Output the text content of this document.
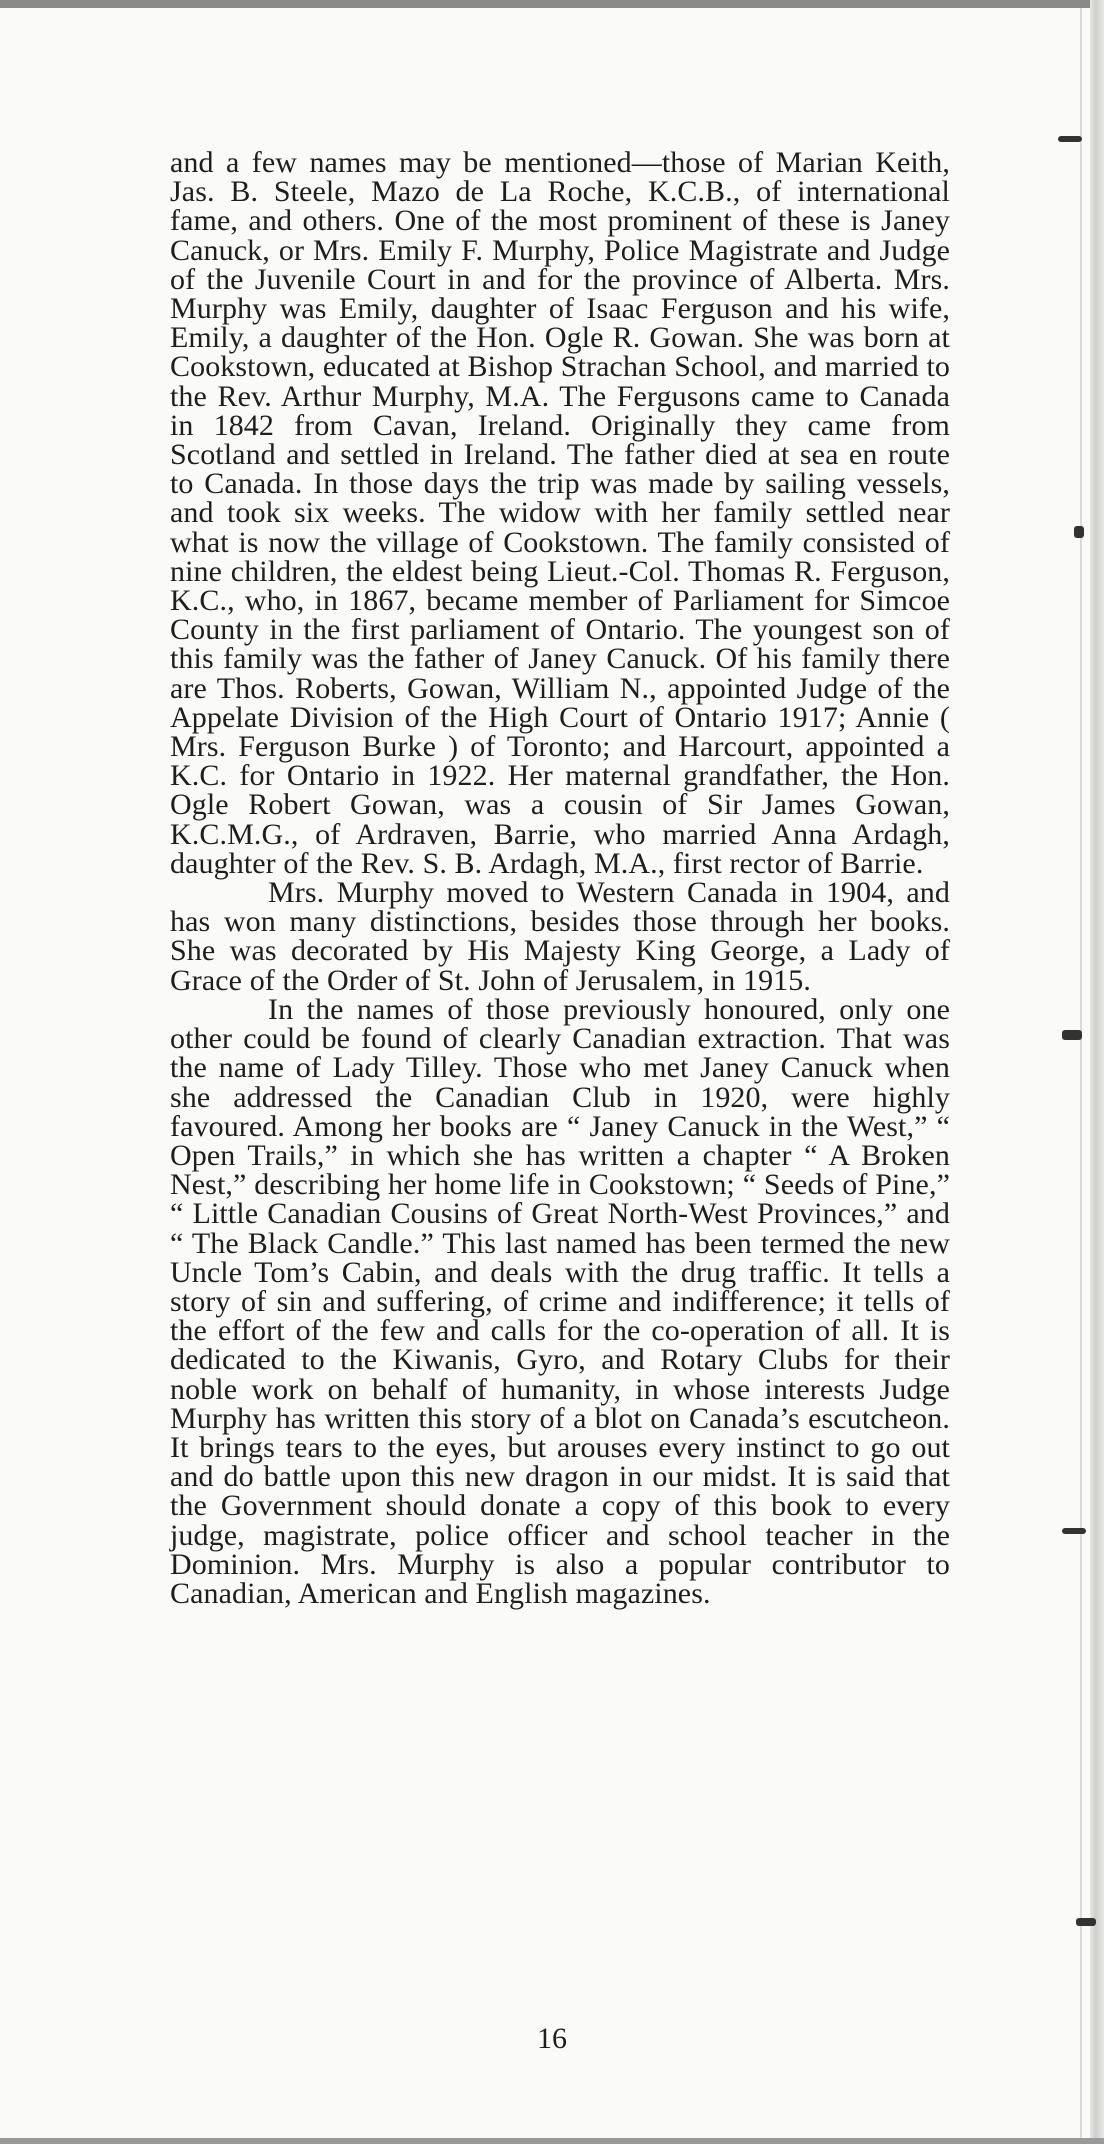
and a few names may be mentioned—those of Marian Keith, Jas. B. Steele, Mazo de La Roche, K.C.B., of international fame, and others. One of the most prominent of these is Janey Canuck, or Mrs. Emily F. Murphy, Police Magistrate and Judge of the Juvenile Court in and for the province of Alberta. Mrs. Murphy was Emily, daughter of Isaac Ferguson and his wife, Emily, a daughter of the Hon. Ogle R. Gowan. She was born at Cookstown, educated at Bishop Strachan School, and married to the Rev. Arthur Murphy, M.A. The Fergusons came to Canada in 1842 from Cavan, Ireland. Originally they came from Scotland and settled in Ireland. The father died at sea en route to Canada. In those days the trip was made by sailing vessels, and took six weeks. The widow with her family settled near what is now the village of Cookstown. The family consisted of nine children, the eldest being Lieut.-Col. Thomas R. Ferguson, K.C., who, in 1867, became member of Parliament for Simcoe County in the first parliament of Ontario. The youngest son of this family was the father of Janey Canuck. Of his family there are Thos. Roberts, Gowan, William N., appointed Judge of the Appelate Division of the High Court of Ontario 1917; Annie ( Mrs. Ferguson Burke ) of Toronto; and Harcourt, appointed a K.C. for Ontario in 1922. Her maternal grandfather, the Hon. Ogle Robert Gowan, was a cousin of Sir James Gowan, K.C.M.G., of Ardraven, Barrie, who married Anna Ardagh, daughter of the Rev. S. B. Ardagh, M.A., first rector of Barrie.

Mrs. Murphy moved to Western Canada in 1904, and has won many distinctions, besides those through her books. She was decorated by His Majesty King George, a Lady of Grace of the Order of St. John of Jerusalem, in 1915.

In the names of those previously honoured, only one other could be found of clearly Canadian extraction. That was the name of Lady Tilley. Those who met Janey Canuck when she addressed the Canadian Club in 1920, were highly favoured. Among her books are “ Janey Canuck in the West,” “ Open Trails,” in which she has written a chapter “ A Broken Nest,” describing her home life in Cookstown; “ Seeds of Pine,” “ Little Canadian Cousins of Great North-West Provinces,” and “ The Black Candle.” This last named has been termed the new Uncle Tom’s Cabin, and deals with the drug traffic. It tells a story of sin and suffering, of crime and indifference; it tells of the effort of the few and calls for the co-operation of all. It is dedicated to the Kiwanis, Gyro, and Rotary Clubs for their noble work on behalf of humanity, in whose interests Judge Murphy has written this story of a blot on Canada’s escutcheon. It brings tears to the eyes, but arouses every instinct to go out and do battle upon this new dragon in our midst. It is said that the Government should donate a copy of this book to every judge, magistrate, police officer and school teacher in the Dominion. Mrs. Murphy is also a popular contributor to Canadian, American and English magazines.

16
